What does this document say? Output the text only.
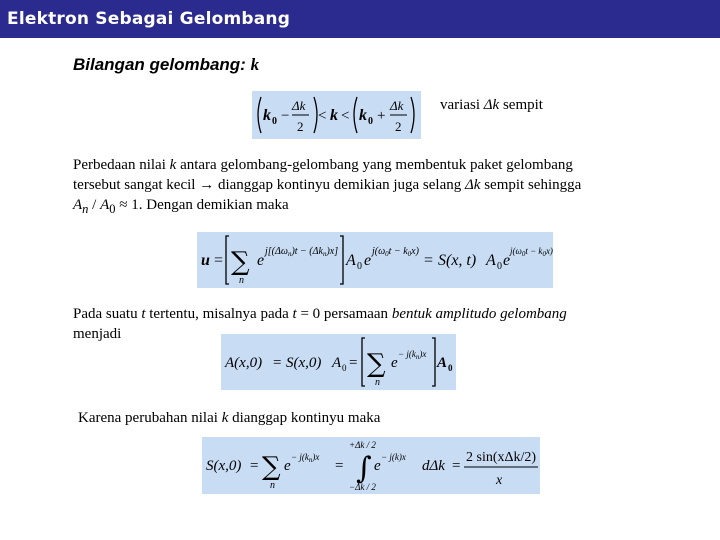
Elektron Sebagai Gelombang
Bilangan gelombang: k
k 0 −
Δk
2
< k < k 0 +
Δk
2
variasi Δk sempit
Perbedaan nilai k antara gelombang-gelombang yang membentuk paket gelombang
tersebut sangat kecil → dianggap kontinyu demikian juga selang Δk sempit sehingga
$A_n / A_0 \approx 1$. Dengan demikian maka
u = ∑
n
e
$j[(\Delta\omega_n)t - (\Delta k_n)x]$
A 0 e
$j(\omega_0t - k_0x)$
= S(x, t) A 0 e
$j(\omega_0t - k_0x)$
Pada suatu t tertentu, misalnya pada t = 0 persamaan bentuk amplitudo gelombang
menjadi
A(x,0) = S(x,0) A 0 = ∑
n
e
− $j(k_n)x$
A 0
Karena perubahan nilai k dianggap kontinyu maka
S(x,0) = ∑
n
e
− $j(k_n)x$
=
+Δk / 2
∫
−Δk / 2
e
− j(k)x
dΔk =
2 sin(xΔk/2)
x
